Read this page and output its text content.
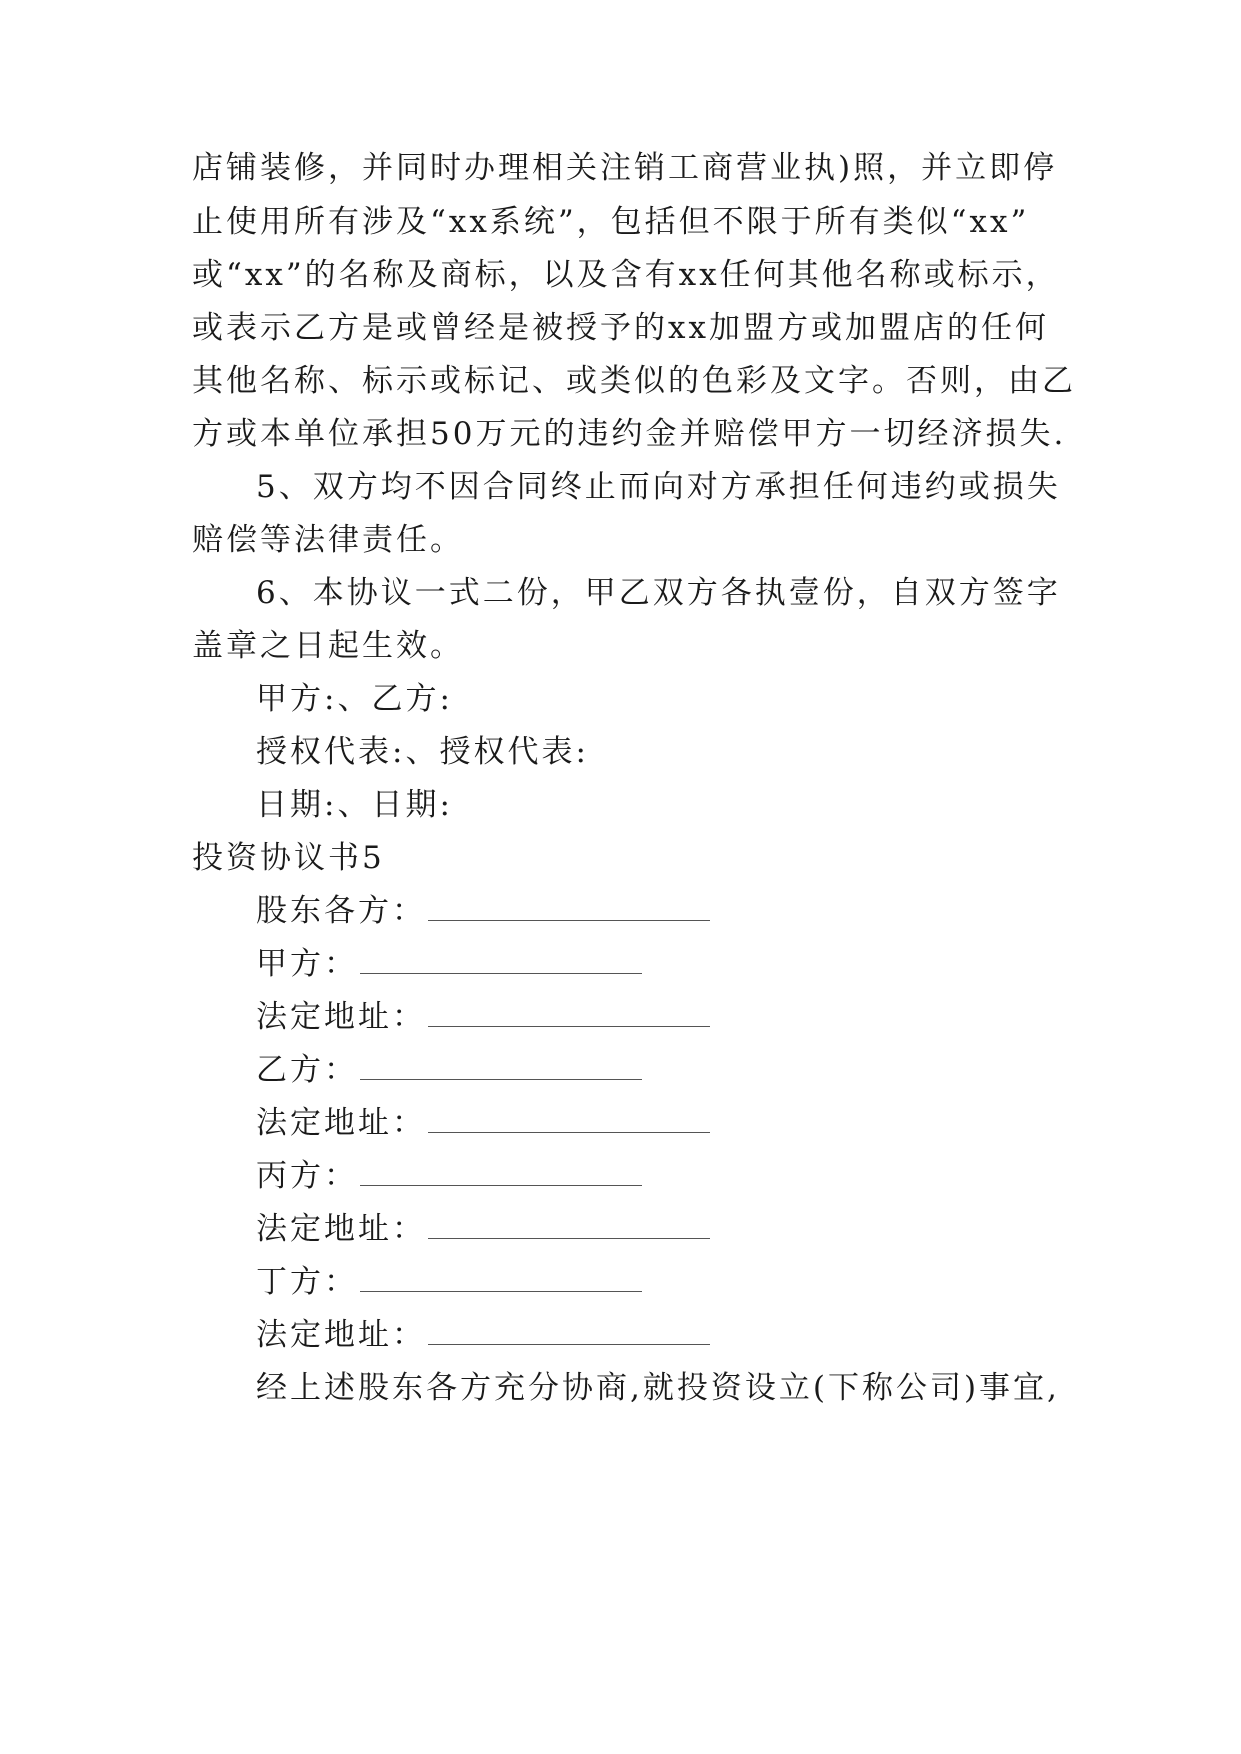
店铺装修，并同时办理相关注销工商营业执)照，并立即停
止使用所有涉及“xx系统”，包括但不限于所有类似“xx”
或“xx”的名称及商标，以及含有xx任何其他名称或标示，
或表示乙方是或曾经是被授予的xx加盟方或加盟店的任何
其他名称、标示或标记、或类似的色彩及文字。否则，由乙
方或本单位承担50万元的违约金并赔偿甲方一切经济损失.
5、双方均不因合同终止而向对方承担任何违约或损失
赔偿等法律责任。
6、本协议一式二份，甲乙双方各执壹份，自双方签字
盖章之日起生效。
甲方:、乙方:
授权代表:、授权代表:
日期:、日期:
投资协议书5
股东各方：
甲方：
法定地址：
乙方：
法定地址：
丙方：
法定地址：
丁方：
法定地址：
经上述股东各方充分协商,就投资设立(下称公司)事宜,
